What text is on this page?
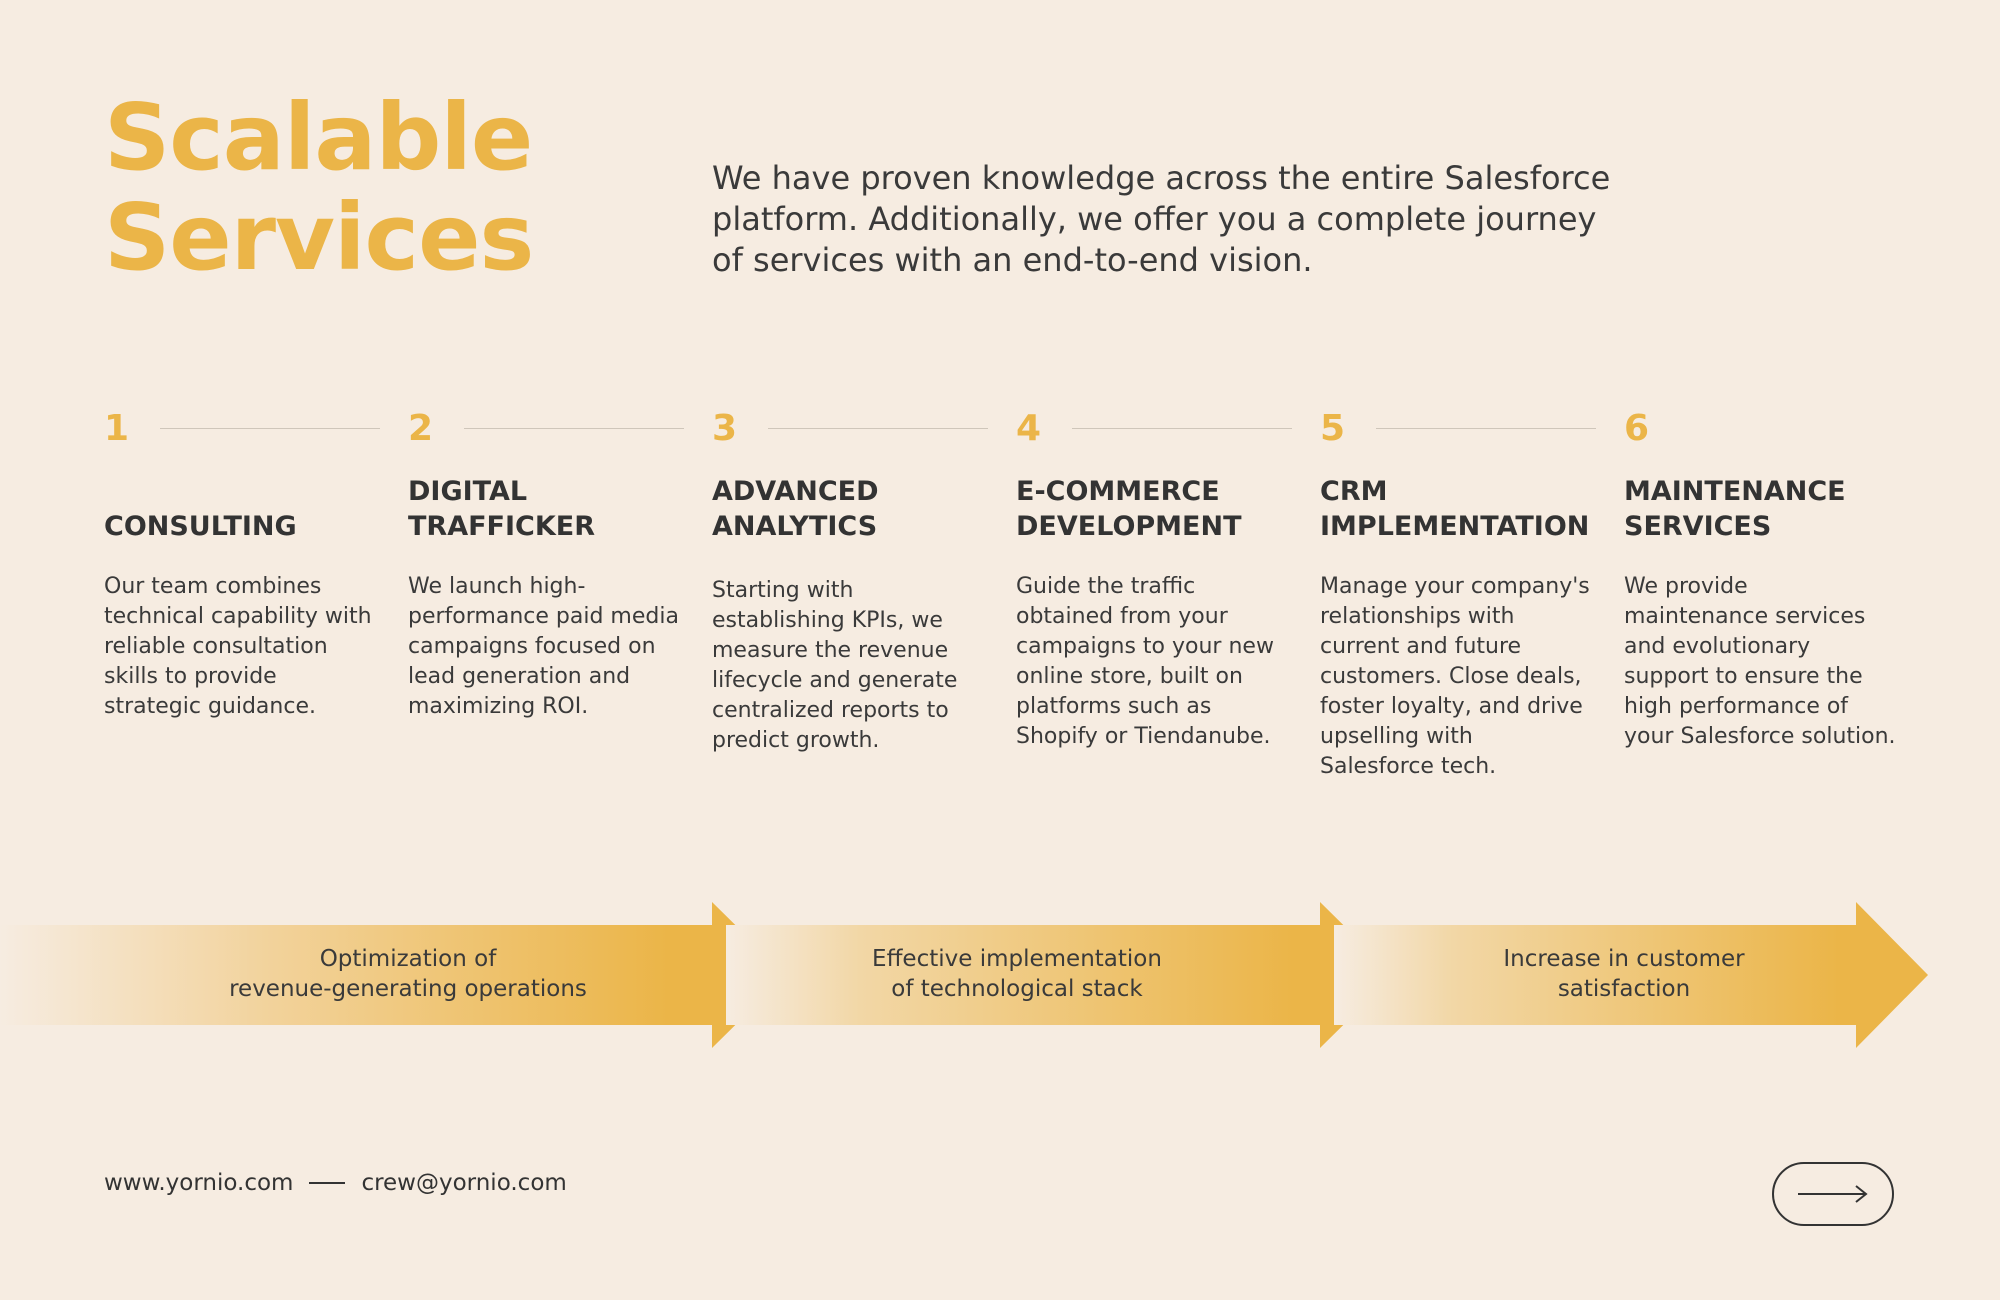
Scalable
Services

We have proven knowledge across the entire Salesforce platform. Additionally, we offer you a complete journey of services with an end-to-end vision.

1
CONSULTING

Our team combines technical capability with reliable consultation skills to provide strategic guidance.

2
DIGITAL TRAFFICKER

We launch high-performance paid media campaigns focused on lead generation and maximizing ROI.

3
ADVANCED ANALYTICS

Starting with establishing KPIs, we measure the revenue lifecycle and generate centralized reports to predict growth.

4
E-COMMERCE DEVELOPMENT

Guide the traffic obtained from your campaigns to your new online store, built on platforms such as Shopify or Tiendanube.

5
CRM IMPLEMENTATION

Manage your company's relationships with current and future customers. Close deals, foster loyalty, and drive upselling with Salesforce tech.

6
MAINTENANCE SERVICES

We provide maintenance services and evolutionary support to ensure the high performance of your Salesforce solution.

Optimization of
revenue-generating operations
Effective implementation
of technological stack
Increase in customer
satisfaction
www.yornio.com	crew@yornio.com
